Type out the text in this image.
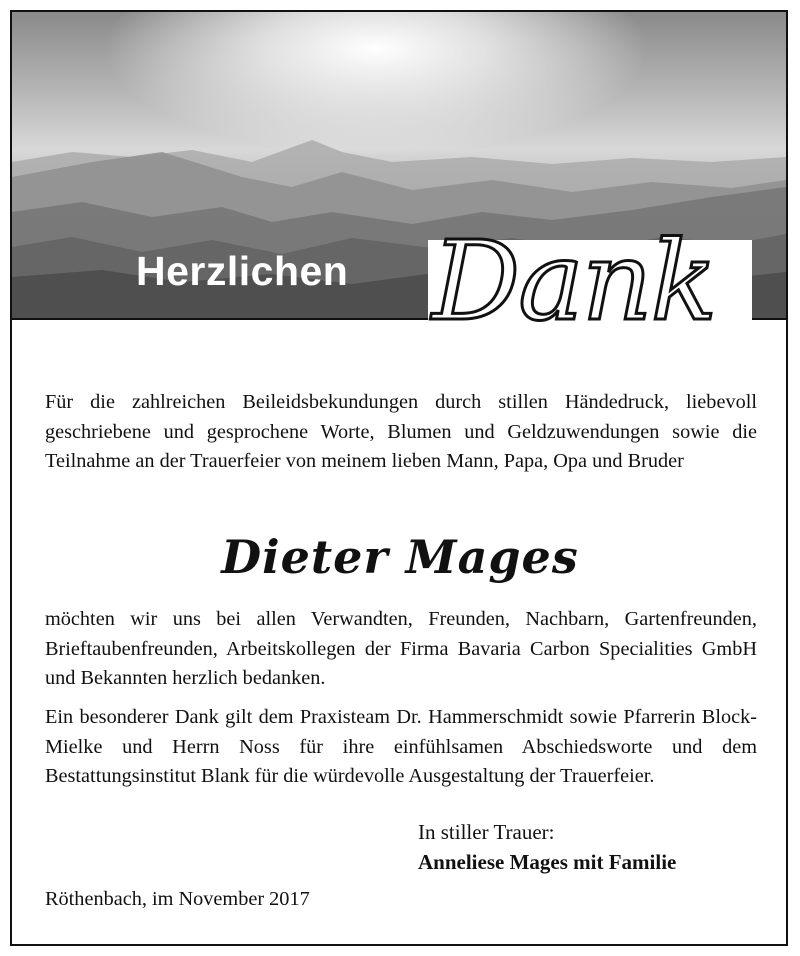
Herzlichen Dank

Für die zahlreichen Beileidsbekundungen durch stillen Händedruck, liebevoll geschriebene und gesprochene Worte, Blumen und Geldzuwendungen sowie die Teilnahme an der Trauerfeier von meinem lieben Mann, Papa, Opa und Bruder

Dieter Mages

möchten wir uns bei allen Verwandten, Freunden, Nachbarn, Gartenfreunden, Brieftaubenfreunden, Arbeitskollegen der Firma Bavaria Carbon Specialities GmbH und Bekannten herzlich bedanken.

Ein besonderer Dank gilt dem Praxisteam Dr. Hammerschmidt sowie Pfarrerin Block-Mielke und Herrn Noss für ihre einfühlsamen Abschiedsworte und dem Bestattungsinstitut Blank für die würdevolle Ausgestaltung der Trauerfeier.

In stiller Trauer:
Anneliese Mages mit Familie
Röthenbach, im November 2017
